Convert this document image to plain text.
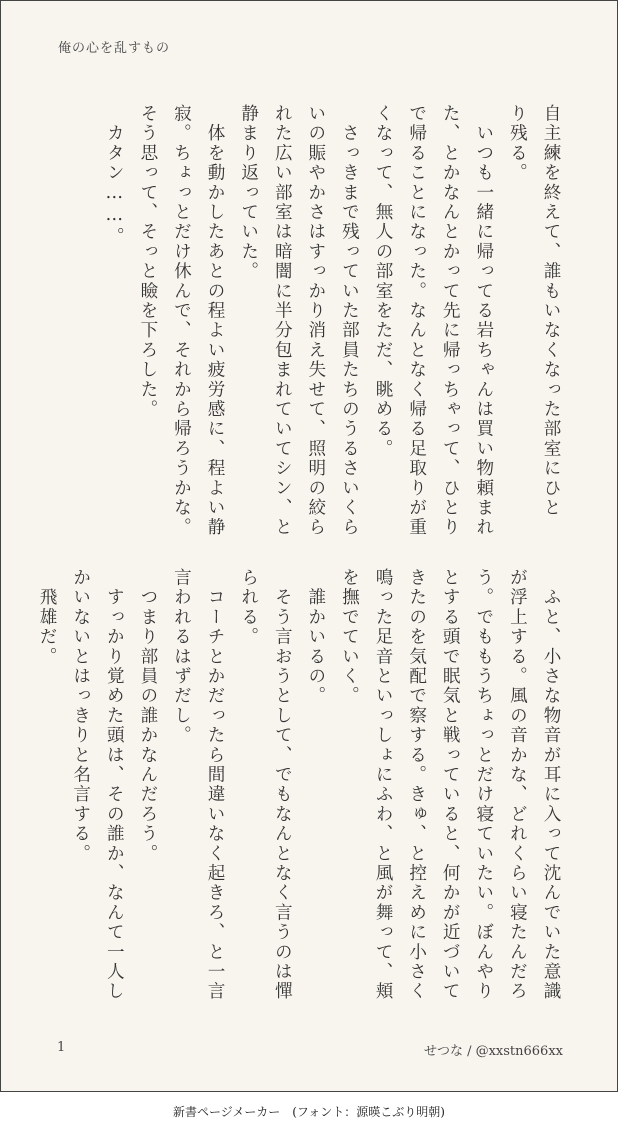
俺の心を乱すもの
自主練を終えて、誰もいなくなった部室にひと
り残る。
　いつも一緒に帰ってる岩ちゃんは買い物頼まれ
た、とかなんとかって先に帰っちゃって、ひとり
で帰ることになった。なんとなく帰る足取りが重
くなって、無人の部室をただ、眺める。
　さっきまで残っていた部員たちのうるさいくら
いの賑やかさはすっかり消え失せて、照明の絞ら
れた広い部室は暗闇に半分包まれていてシン、と
静まり返っていた。
　体を動かしたあとの程よい疲労感に、程よい静
寂。ちょっとだけ休んで、それから帰ろうかな。
そう思って、そっと瞼を下ろした。
　カタン……。
　ふと、小さな物音が耳に入って沈んでいた意識
が浮上する。風の音かな、どれくらい寝たんだろ
う。でももうちょっとだけ寝ていたい。ぼんやり
とする頭で眠気と戦っていると、何かが近づいて
きたのを気配で察する。きゅ、と控えめに小さく
鳴った足音といっしょにふわ、と風が舞って、頬
を撫でていく。
　誰かいるの。
　そう言おうとして、でもなんとなく言うのは憚
られる。
　コーチとかだったら間違いなく起きろ、と一言
言われるはずだし。
　つまり部員の誰かなんだろう。
　すっかり覚めた頭は、その誰か、なんて一人し
かいないとはっきりと名言する。
　飛雄だ。
1	せつな / @xxstn666xx
新書ページメーカー　(フォント：源暎こぶり明朝)
